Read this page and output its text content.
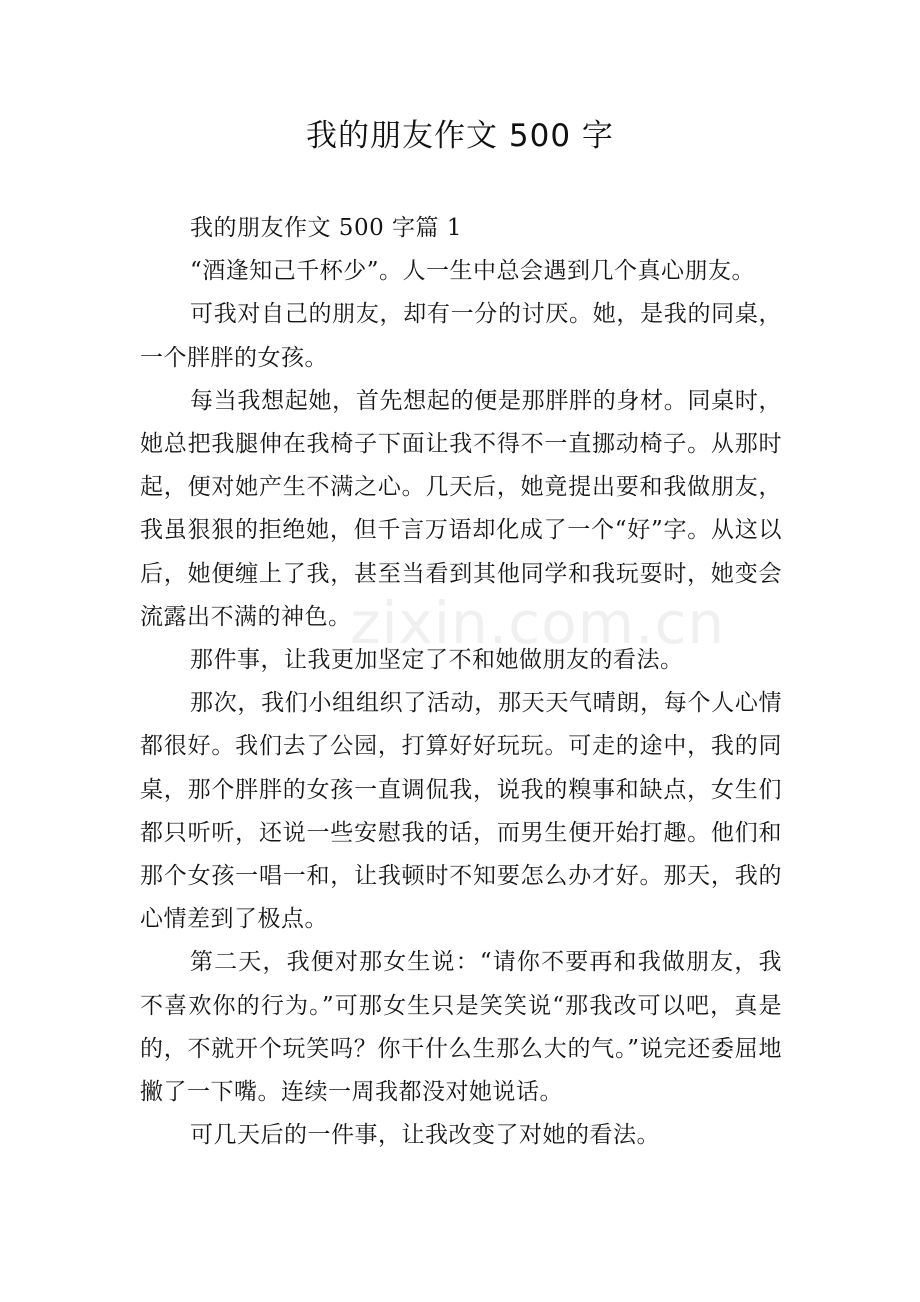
我的朋友作文 500 字

我的朋友作文 500 字篇 1

“酒逢知己千杯少”。人一生中总会遇到几个真心朋友。

可我对自己的朋友，却有一分的讨厌。她，是我的同桌，一个胖胖的女孩。

每当我想起她，首先想起的便是那胖胖的身材。同桌时，她总把我腿伸在我椅子下面让我不得不一直挪动椅子。从那时起，便对她产生不满之心。几天后，她竟提出要和我做朋友，我虽狠狠的拒绝她，但千言万语却化成了一个“好”字。从这以后，她便缠上了我，甚至当看到其他同学和我玩耍时，她变会流露出不满的神色。

那件事，让我更加坚定了不和她做朋友的看法。

那次，我们小组组织了活动，那天天气晴朗，每个人心情都很好。我们去了公园，打算好好玩玩。可走的途中，我的同桌，那个胖胖的女孩一直调侃我，说我的糗事和缺点，女生们都只听听，还说一些安慰我的话，而男生便开始打趣。他们和那个女孩一唱一和，让我顿时不知要怎么办才好。那天，我的心情差到了极点。

第二天，我便对那女生说：“请你不要再和我做朋友，我不喜欢你的行为。”可那女生只是笑笑说“那我改可以吧，真是的，不就开个玩笑吗？你干什么生那么大的气。”说完还委屈地撇了一下嘴。连续一周我都没对她说话。

可几天后的一件事，让我改变了对她的看法。

zixin.com.cn
